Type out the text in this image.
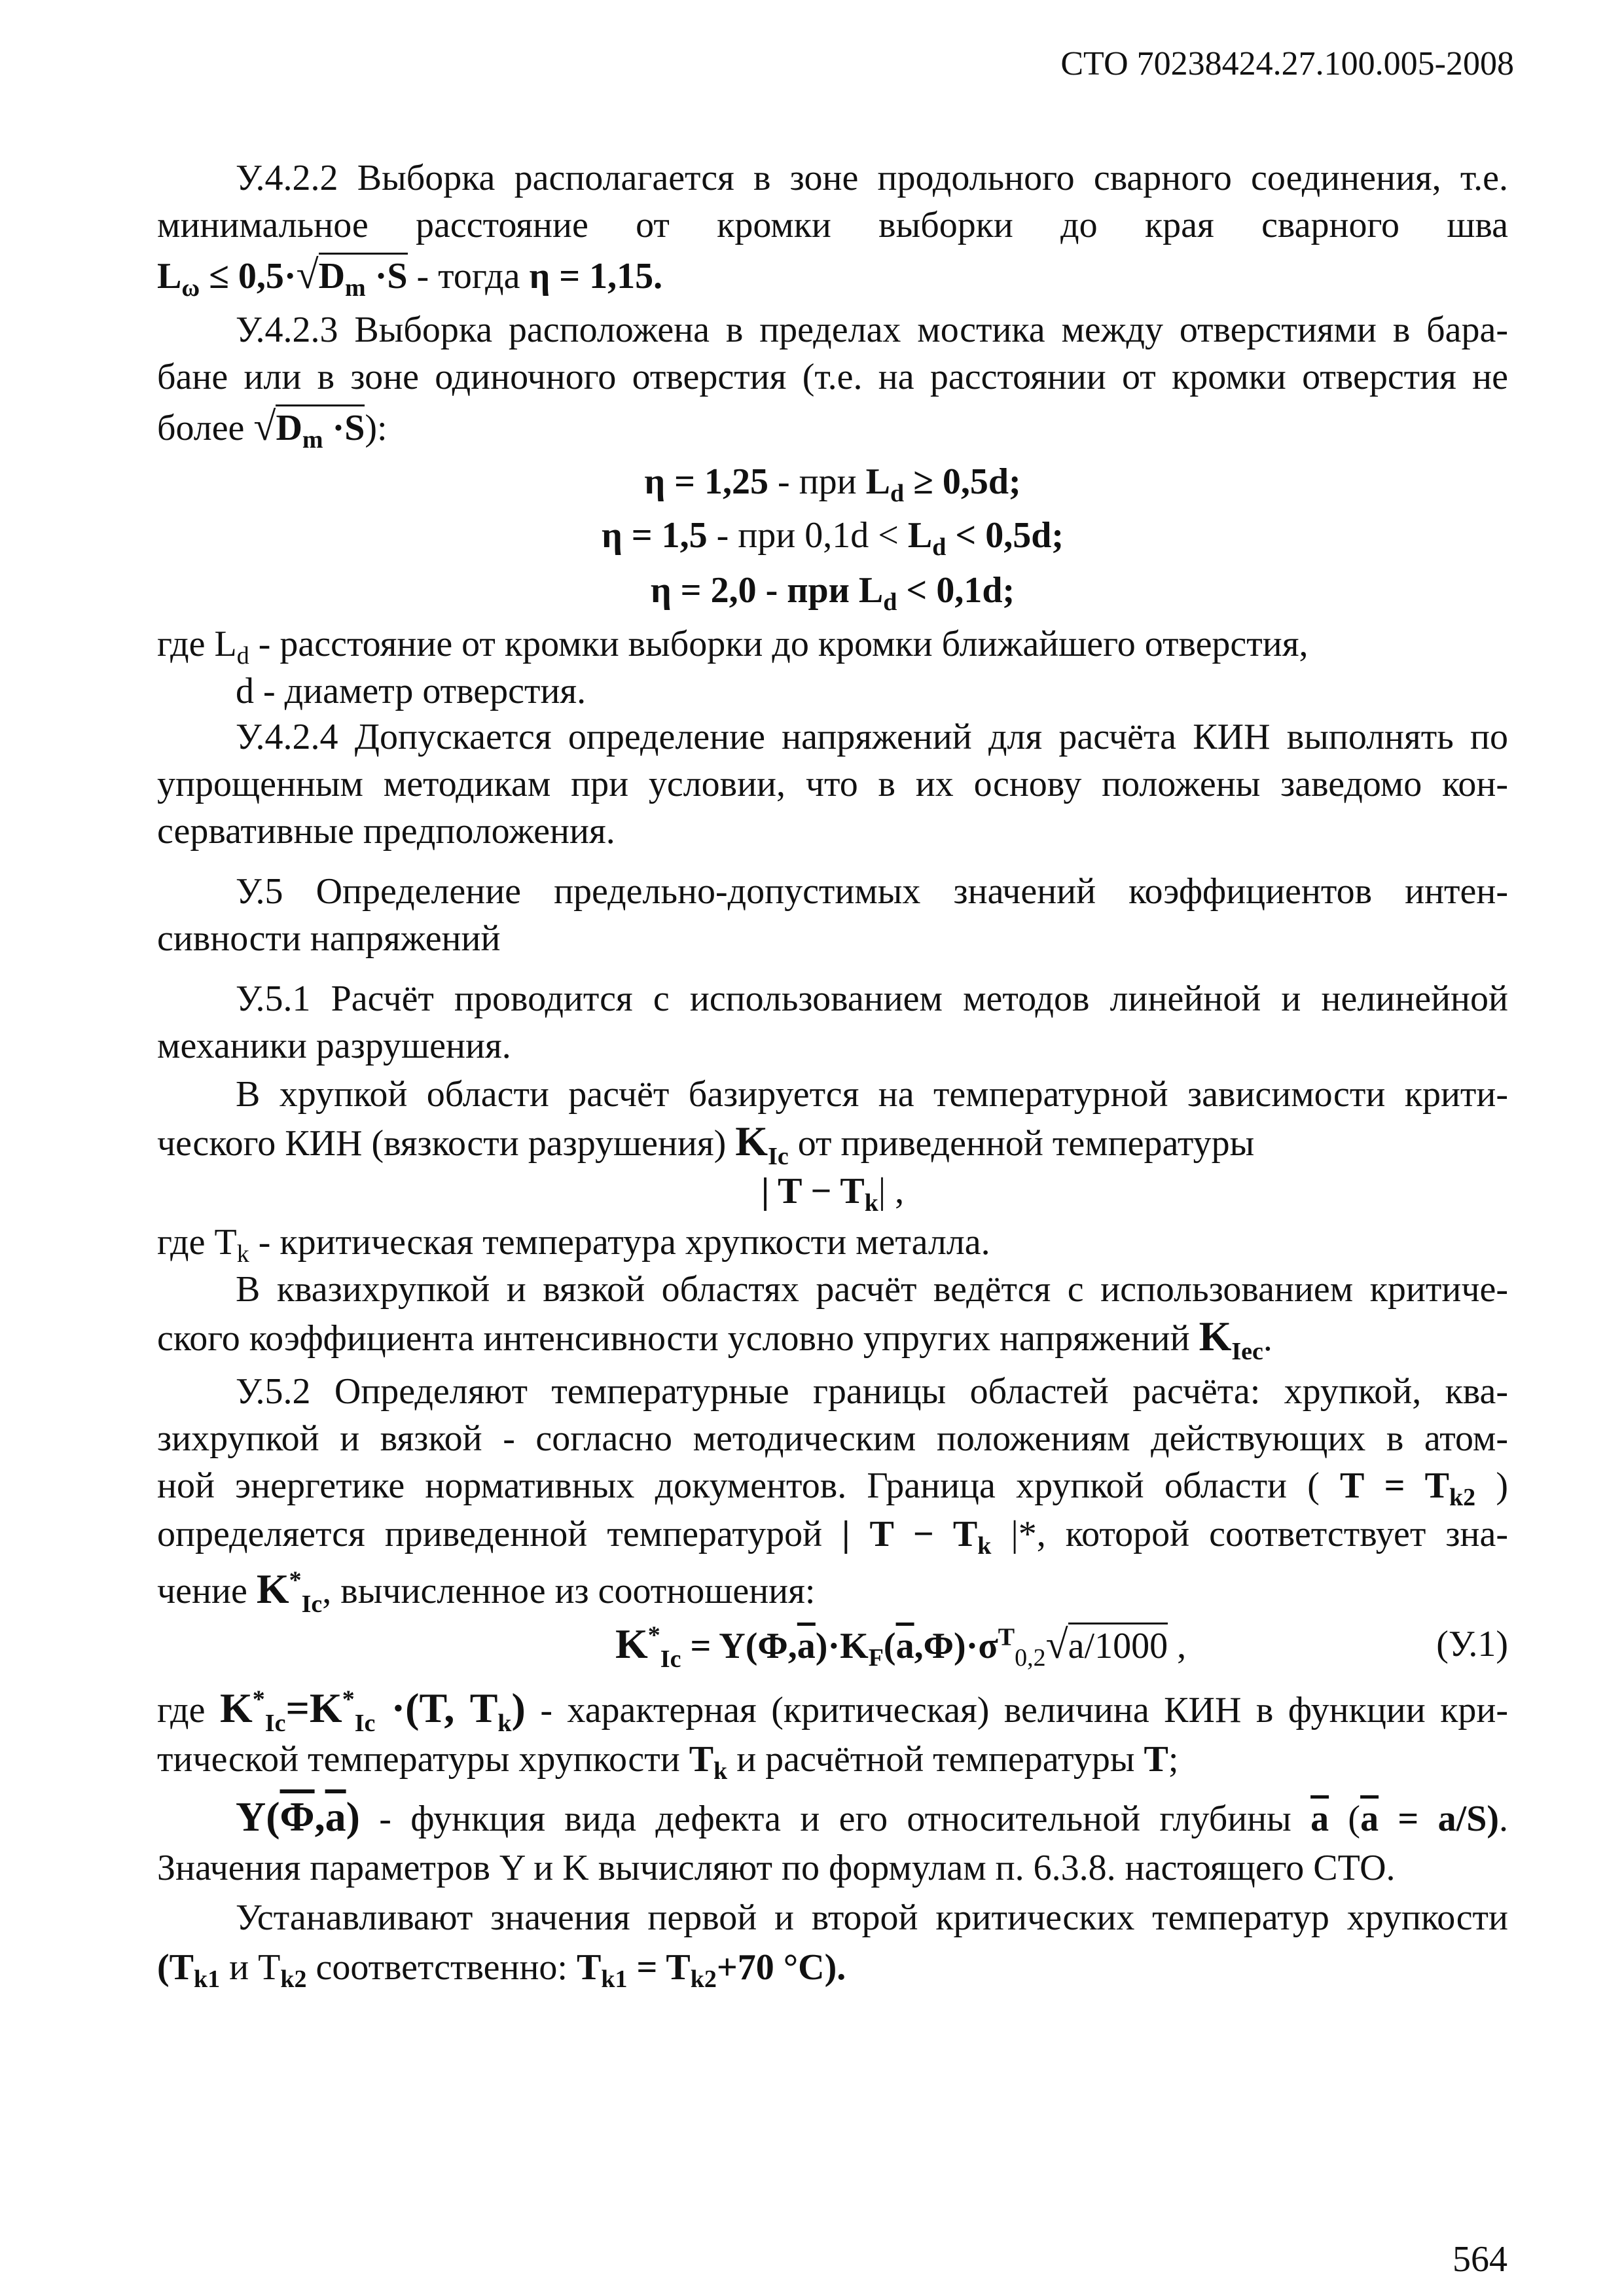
СТО 70238424.27.100.005-2008
У.4.2.2 Выборка располагается в зоне продольного сварного соединения, т.е.
минимальное расстояние от кромки выборки до края сварного шва
$L_\omega \le 0,5\cdot√D_m \cdot S$ - тогда η = 1,15.
У.4.2.3 Выборка расположена в пределах мостика между отверстиями в бара-
бане или в зоне одиночного отверстия (т.е. на расстоянии от кромки отверстия не
более $√D_m \cdot S$):
η = 1,25 - при $L_d \ge 0,5d$;
η = 1,5 - при $0,1d < L_d < 0,5d$;
η = 2,0 - при $L_d < 0,1d$;
где $L_d$ - расстояние от кромки выборки до кромки ближайшего отверстия,
d - диаметр отверстия.
У.4.2.4 Допускается определение напряжений для расчёта КИН выполнять по
упрощенным методикам при условии, что в их основу положены заведомо кон-
сервативные предположения.
У.5 Определение предельно-допустимых значений коэффициентов интен-
сивности напряжений
У.5.1 Расчёт проводится с использованием методов линейной и нелинейной
механики разрушения.
В хрупкой области расчёт базируется на температурной зависимости крити-
ческого КИН (вязкости разрушения) $K_{Ic}$ от приведенной температуры
| $T - T_k|$ ,
где $T_k$ - критическая температура хрупкости металла.
В квазихрупкой и вязкой областях расчёт ведётся с использованием критиче-
ского коэффициента интенсивности условно упругих напряжений $K_{Iec}$.
У.5.2 Определяют температурные границы областей расчёта: хрупкой, ква-
зихрупкой и вязкой - согласно методическим положениям действующих в атом-
ной энергетике нормативных документов. Граница хрупкой области ( $T = T_{k2}$ )
определяется приведенной температурой | $T - T_k$ |*, которой соответствует зна-
чение $K^*_{Ic}$, вычисленное из соотношения:
$K^*_{Ic} = Y(\Phi,\overline{a})\cdot K_F(\overline{a},\Phi)\cdot\sigma^T_{0,2}√a/1000$ ,	(У.1)
где $K^*_{Ic}=K^*_{Ic} \cdot(T$, $T_k$) - характерная (критическая) величина КИН в функции кри-
тической температуры хрупкости $T_k$ и расчётной температуры T;
$Y(\overline{\Phi},\overline{a})$ - функция вида дефекта и его относительной глубины $\overline{a}$ $(\overline{a} = a/S)$.
Значения параметров Y и K вычисляют по формулам п. 6.3.8. настоящего СТО.
Устанавливают значения первой и второй критических температур хрупкости
($T_{k1}$ и $T_{k2}$ соответственно: $T_{k1} = T_{k2}+70$ °C).
564
